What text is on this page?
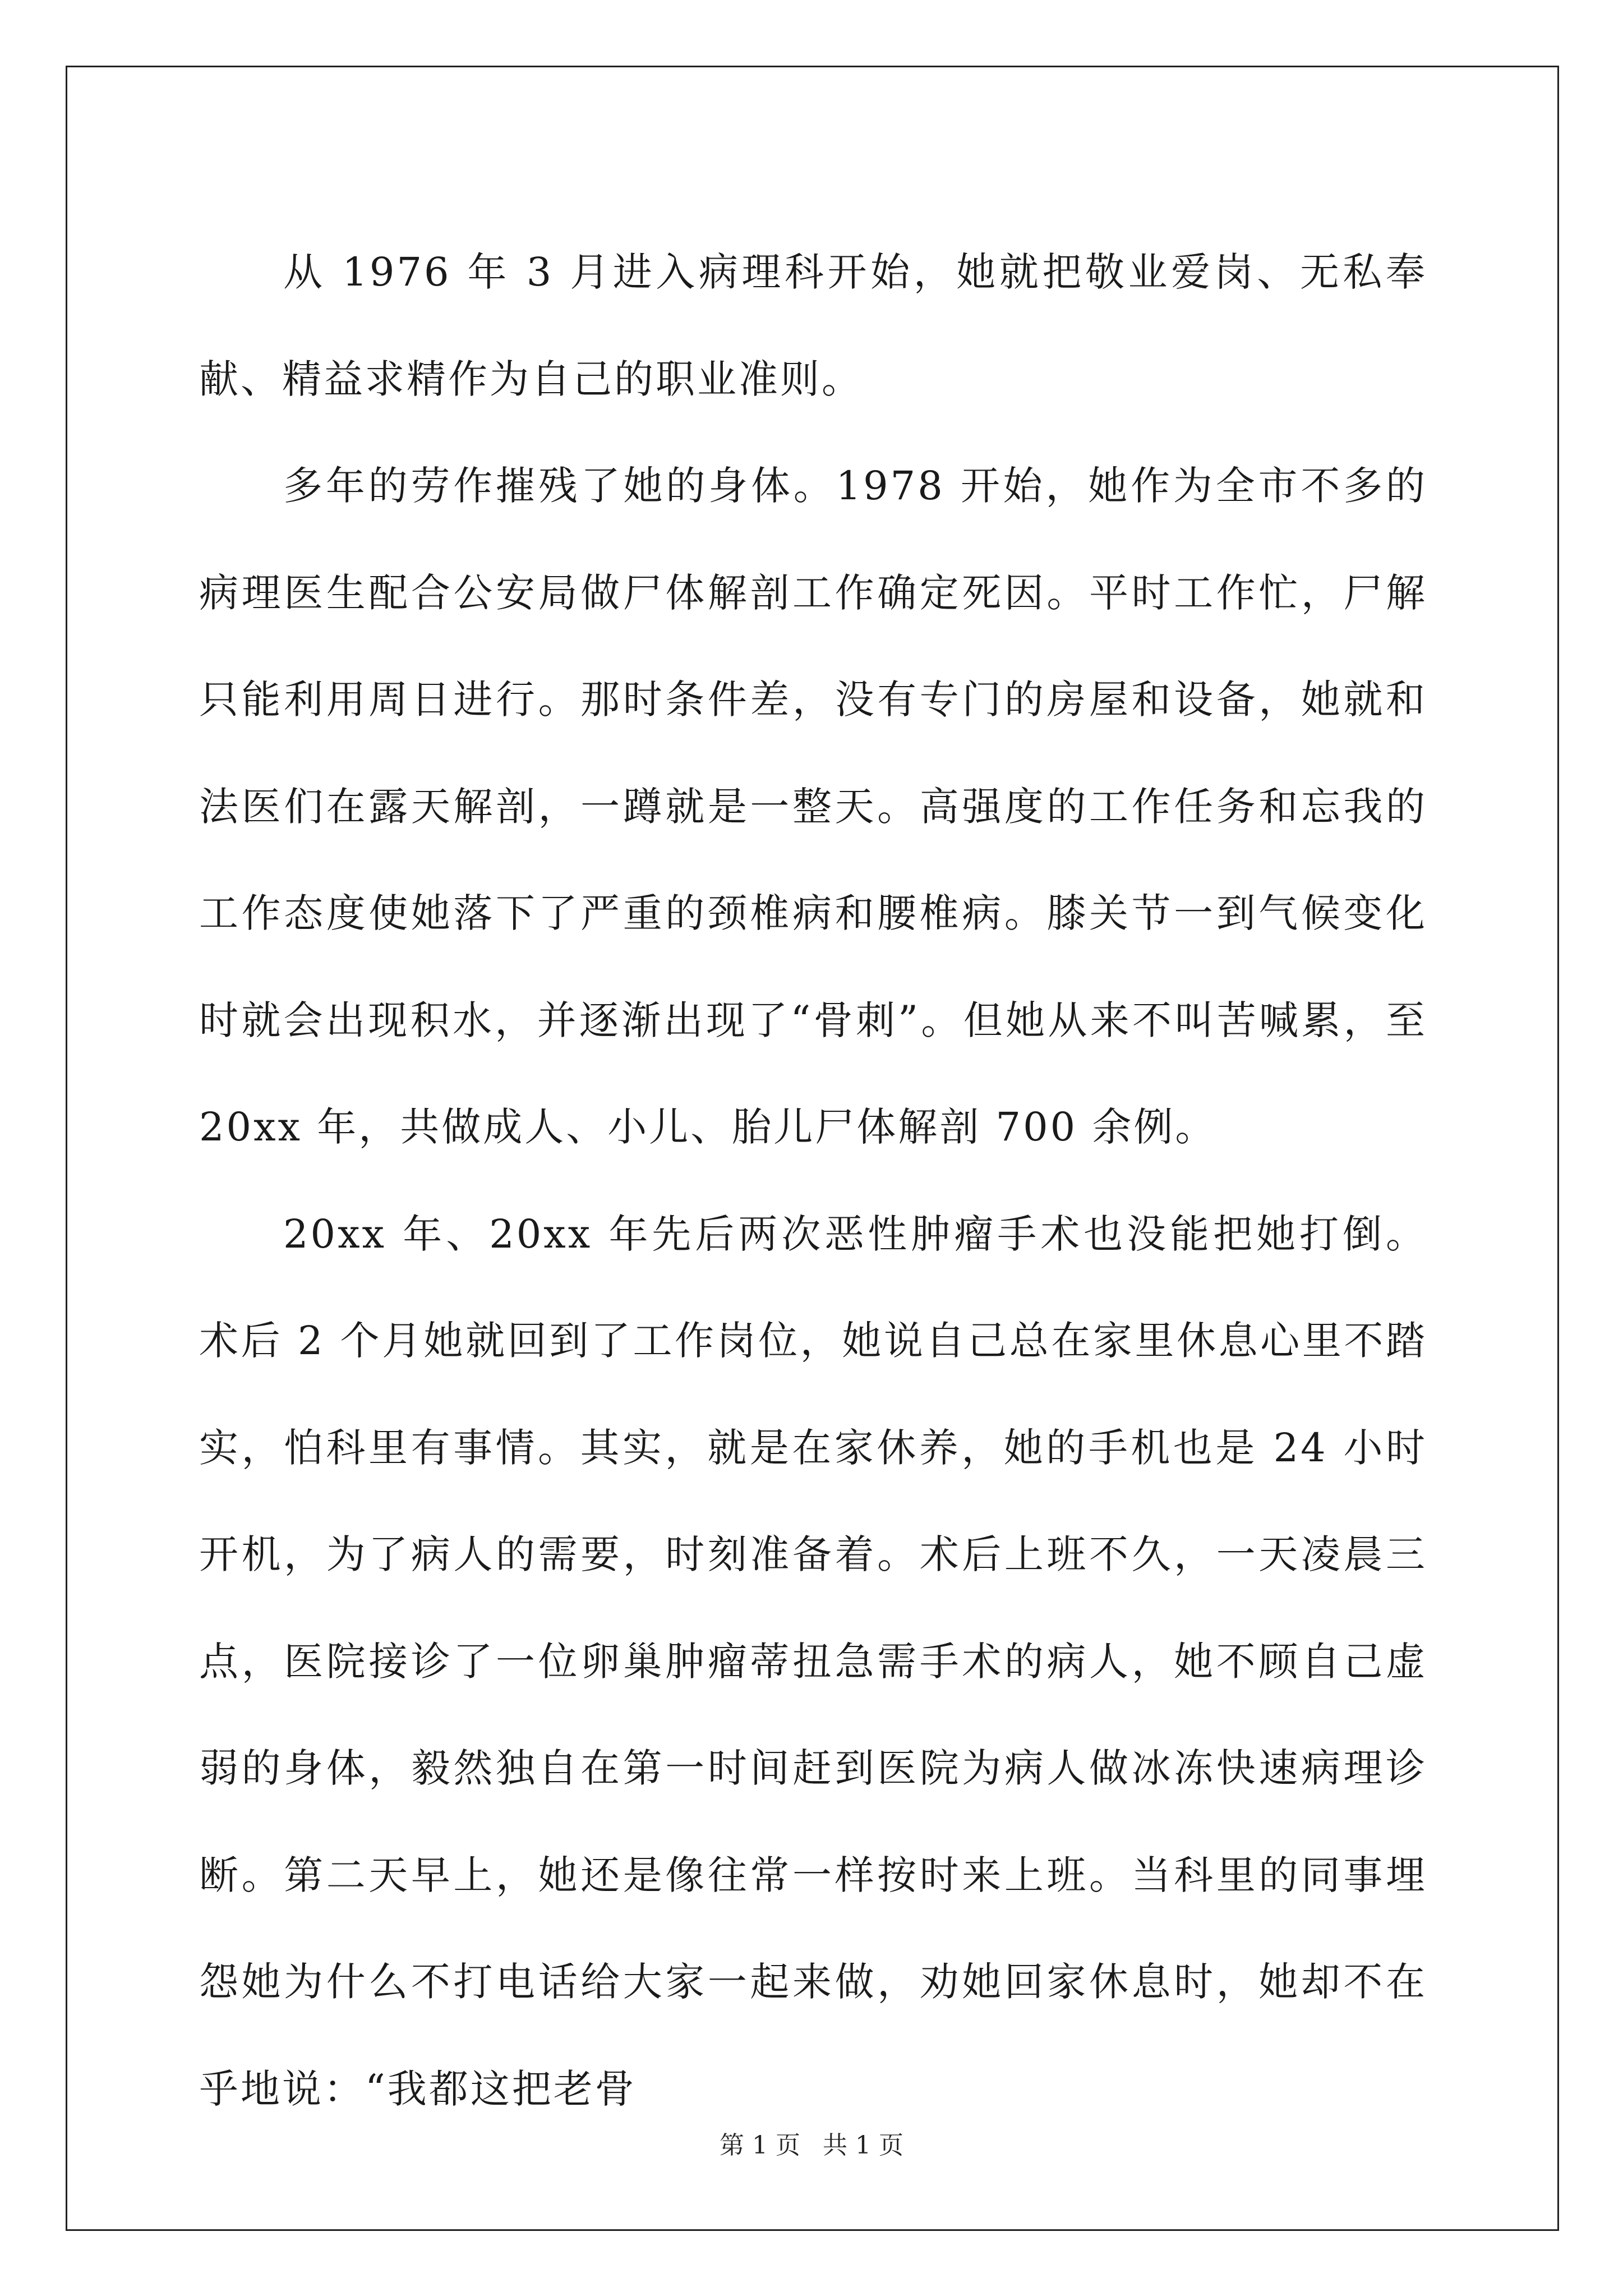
从 1976 年 3 月进入病理科开始，她就把敬业爱岗、无私奉献、精益求精作为自己的职业准则。

多年的劳作摧残了她的身体。1978 开始，她作为全市不多的病理医生配合公安局做尸体解剖工作确定死因。平时工作忙，尸解只能利用周日进行。那时条件差，没有专门的房屋和设备，她就和法医们在露天解剖，一蹲就是一整天。高强度的工作任务和忘我的工作态度使她落下了严重的颈椎病和腰椎病。膝关节一到气候变化时就会出现积水，并逐渐出现了“骨刺”。但她从来不叫苦喊累，至 20xx 年，共做成人、小儿、胎儿尸体解剖 700 余例。

20xx 年、20xx 年先后两次恶性肿瘤手术也没能把她打倒。术后 2 个月她就回到了工作岗位，她说自己总在家里休息心里不踏实，怕科里有事情。其实，就是在家休养，她的手机也是 24 小时开机，为了病人的需要，时刻准备着。术后上班不久，一天凌晨三点，医院接诊了一位卵巢肿瘤蒂扭急需手术的病人，她不顾自己虚弱的身体，毅然独自在第一时间赶到医院为病人做冰冻快速病理诊断。第二天早上，她还是像往常一样按时来上班。当科里的同事埋怨她为什么不打电话给大家一起来做，劝她回家休息时，她却不在乎地说：“我都这把老骨

第 1 页 共 1 页
